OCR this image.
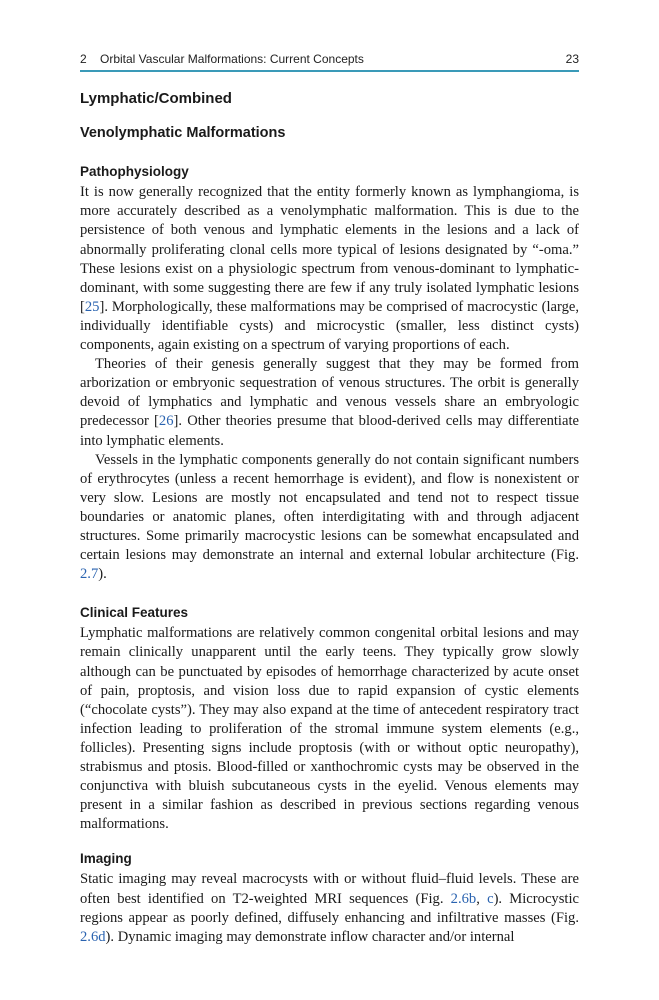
2 Orbital Vascular Malformations: Current Concepts	23
Lymphatic/Combined
Venolymphatic Malformations
Pathophysiology

It is now generally recognized that the entity formerly known as lymphangioma, is more accurately described as a venolymphatic malformation. This is due to the persistence of both venous and lymphatic elements in the lesions and a lack of abnormally proliferating clonal cells more typical of lesions designated by “-oma.” These lesions exist on a physiologic spectrum from venous-dominant to lymphatic-dominant, with some suggesting there are few if any truly isolated lymphatic lesions [25]. Morphologically, these malformations may be comprised of macrocystic (large, individually identifiable cysts) and microcystic (smaller, less distinct cysts) components, again existing on a spectrum of varying proportions of each.

Theories of their genesis generally suggest that they may be formed from arborization or embryonic sequestration of venous structures. The orbit is generally devoid of lymphatics and lymphatic and venous vessels share an embryologic predecessor [26]. Other theories presume that blood-derived cells may differentiate into lymphatic elements.

Vessels in the lymphatic components generally do not contain significant numbers of erythrocytes (unless a recent hemorrhage is evident), and flow is nonexistent or very slow. Lesions are mostly not encapsulated and tend not to respect tissue boundaries or anatomic planes, often interdigitating with and through adjacent structures. Some primarily macrocystic lesions can be somewhat encapsulated and certain lesions may demonstrate an internal and external lobular architecture (Fig. 2.7).

Clinical Features

Lymphatic malformations are relatively common congenital orbital lesions and may remain clinically unapparent until the early teens. They typically grow slowly although can be punctuated by episodes of hemorrhage characterized by acute onset of pain, proptosis, and vision loss due to rapid expansion of cystic elements (“chocolate cysts”). They may also expand at the time of antecedent respiratory tract infection leading to proliferation of the stromal immune system elements (e.g., follicles). Presenting signs include proptosis (with or without optic neuropathy), strabismus and ptosis. Blood-filled or xanthochromic cysts may be observed in the conjunctiva with bluish subcutaneous cysts in the eyelid. Venous elements may present in a similar fashion as described in previous sections regarding venous malformations.

Imaging

Static imaging may reveal macrocysts with or without fluid–fluid levels. These are often best identified on T2-weighted MRI sequences (Fig. 2.6b, c). Microcystic regions appear as poorly defined, diffusely enhancing and infiltrative masses (Fig. 2.6d). Dynamic imaging may demonstrate inflow character and/or internal
